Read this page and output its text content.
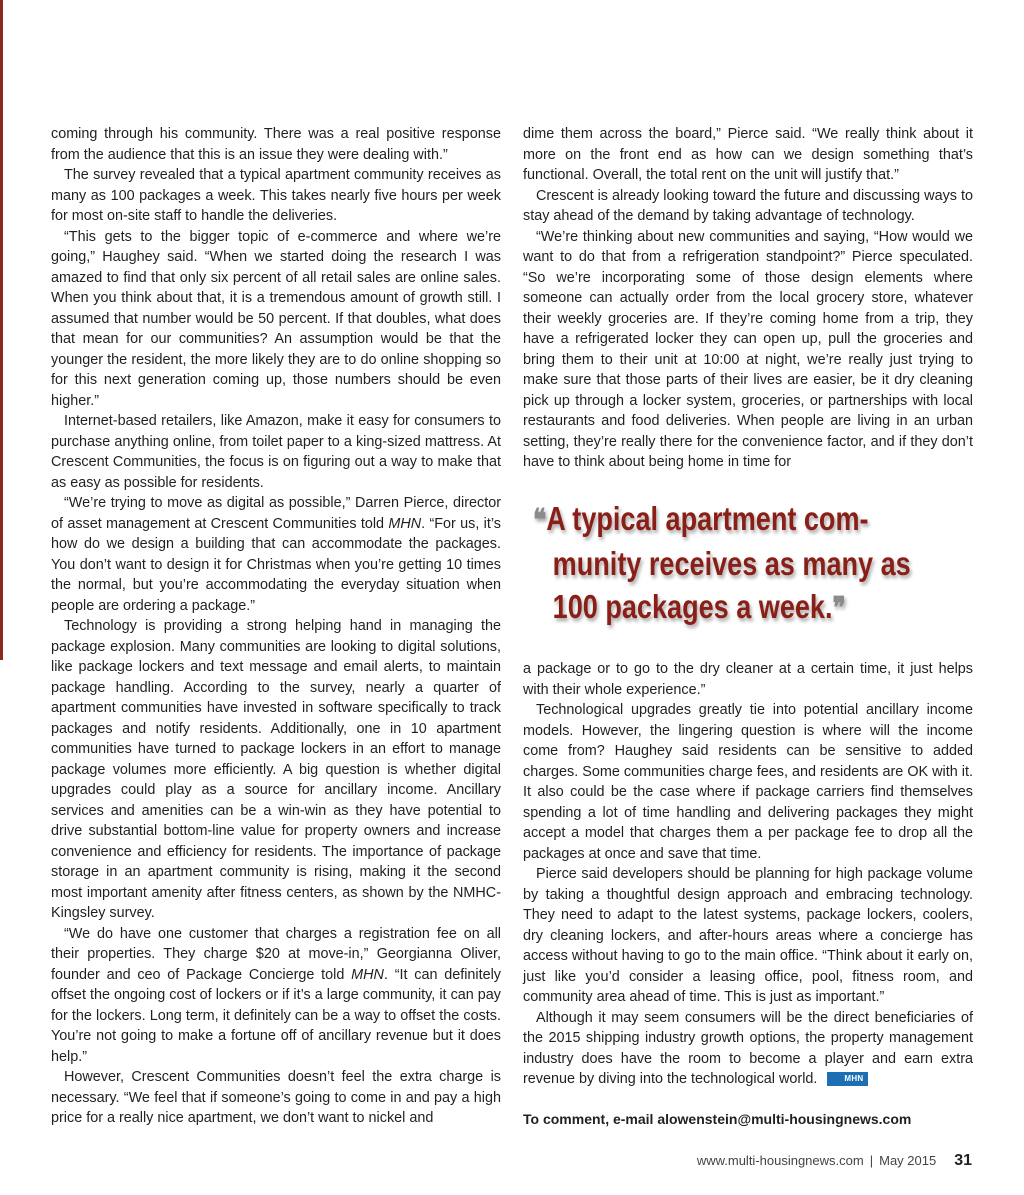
coming through his community. There was a real positive response from the audience that this is an issue they were dealing with.”

The survey revealed that a typical apartment community receives as many as 100 packages a week. This takes nearly five hours per week for most on-site staff to handle the deliveries.

“This gets to the bigger topic of e-commerce and where we’re going,” Haughey said. “When we started doing the research I was amazed to find that only six percent of all retail sales are online sales. When you think about that, it is a tremendous amount of growth still. I assumed that number would be 50 percent. If that doubles, what does that mean for our communities? An assumption would be that the younger the resident, the more likely they are to do online shopping so for this next generation coming up, those numbers should be even higher.”

Internet-based retailers, like Amazon, make it easy for consumers to purchase anything online, from toilet paper to a king-sized mattress. At Crescent Communities, the focus is on figuring out a way to make that as easy as possible for residents.

“We’re trying to move as digital as possible,” Darren Pierce, director of asset management at Crescent Communities told MHN. “For us, it’s how do we design a building that can accommodate the packages. You don’t want to design it for Christmas when you’re getting 10 times the normal, but you’re accommodating the everyday situation when people are ordering a package.”

Technology is providing a strong helping hand in managing the package explosion. Many communities are looking to digital solutions, like package lockers and text message and email alerts, to maintain package handling. According to the survey, nearly a quarter of apartment communities have invested in software specifically to track packages and notify residents. Additionally, one in 10 apartment communities have turned to package lockers in an effort to manage package volumes more efficiently. A big question is whether digital upgrades could play as a source for ancillary income. Ancillary services and amenities can be a win-win as they have potential to drive substantial bottom-line value for property owners and increase convenience and efficiency for residents. The importance of package storage in an apartment community is rising, making it the second most important amenity after fitness centers, as shown by the NMHC-Kingsley survey.

“We do have one customer that charges a registration fee on all their properties. They charge $20 at move-in,” Georgianna Oliver, founder and ceo of Package Concierge told MHN. “It can definitely offset the ongoing cost of lockers or if it’s a large community, it can pay for the lockers. Long term, it definitely can be a way to offset the costs. You’re not going to make a fortune off of ancillary revenue but it does help.”

However, Crescent Communities doesn’t feel the extra charge is necessary. “We feel that if someone’s going to come in and pay a high price for a really nice apartment, we don’t want to nickel and

dime them across the board,” Pierce said. “We really think about it more on the front end as how can we design something that’s functional. Overall, the total rent on the unit will justify that.”

Crescent is already looking toward the future and discussing ways to stay ahead of the demand by taking advantage of technology.

“We’re thinking about new communities and saying, “How would we want to do that from a refrigeration standpoint?” Pierce speculated. “So we’re incorporating some of those design elements where someone can actually order from the local grocery store, whatever their weekly groceries are. If they’re coming home from a trip, they have a refrigerated locker they can open up, pull the groceries and bring them to their unit at 10:00 at night, we’re really just trying to make sure that those parts of their lives are easier, be it dry cleaning pick up through a locker system, groceries, or partnerships with local restaurants and food deliveries. When people are living in an urban setting, they’re really there for the convenience factor, and if they don’t have to think about being home in time for

❝A typical apartment com-
munity receives as many as
100 packages a week.❞

a package or to go to the dry cleaner at a certain time, it just helps with their whole experience.”

Technological upgrades greatly tie into potential ancillary income models. However, the lingering question is where will the income come from? Haughey said residents can be sensitive to added charges. Some communities charge fees, and residents are OK with it. It also could be the case where if package carriers find themselves spending a lot of time handling and delivering packages they might accept a model that charges them a per package fee to drop all the packages at once and save that time.

Pierce said developers should be planning for high package volume by taking a thoughtful design approach and embracing technology. They need to adapt to the latest systems, package lockers, coolers, dry cleaning lockers, and after-hours areas where a concierge has access without having to go to the main office. “Think about it early on, just like you’d consider a leasing office, pool, fitness room, and community area ahead of time. This is just as important.”

Although it may seem consumers will be the direct beneficiaries of the 2015 shipping industry growth options, the property management industry does have the room to become a player and earn extra revenue by diving into the technological world.	MHN

To comment, e-mail alowenstein@multi-housingnews.com
www.multi-housingnews.com | May 2015 31
